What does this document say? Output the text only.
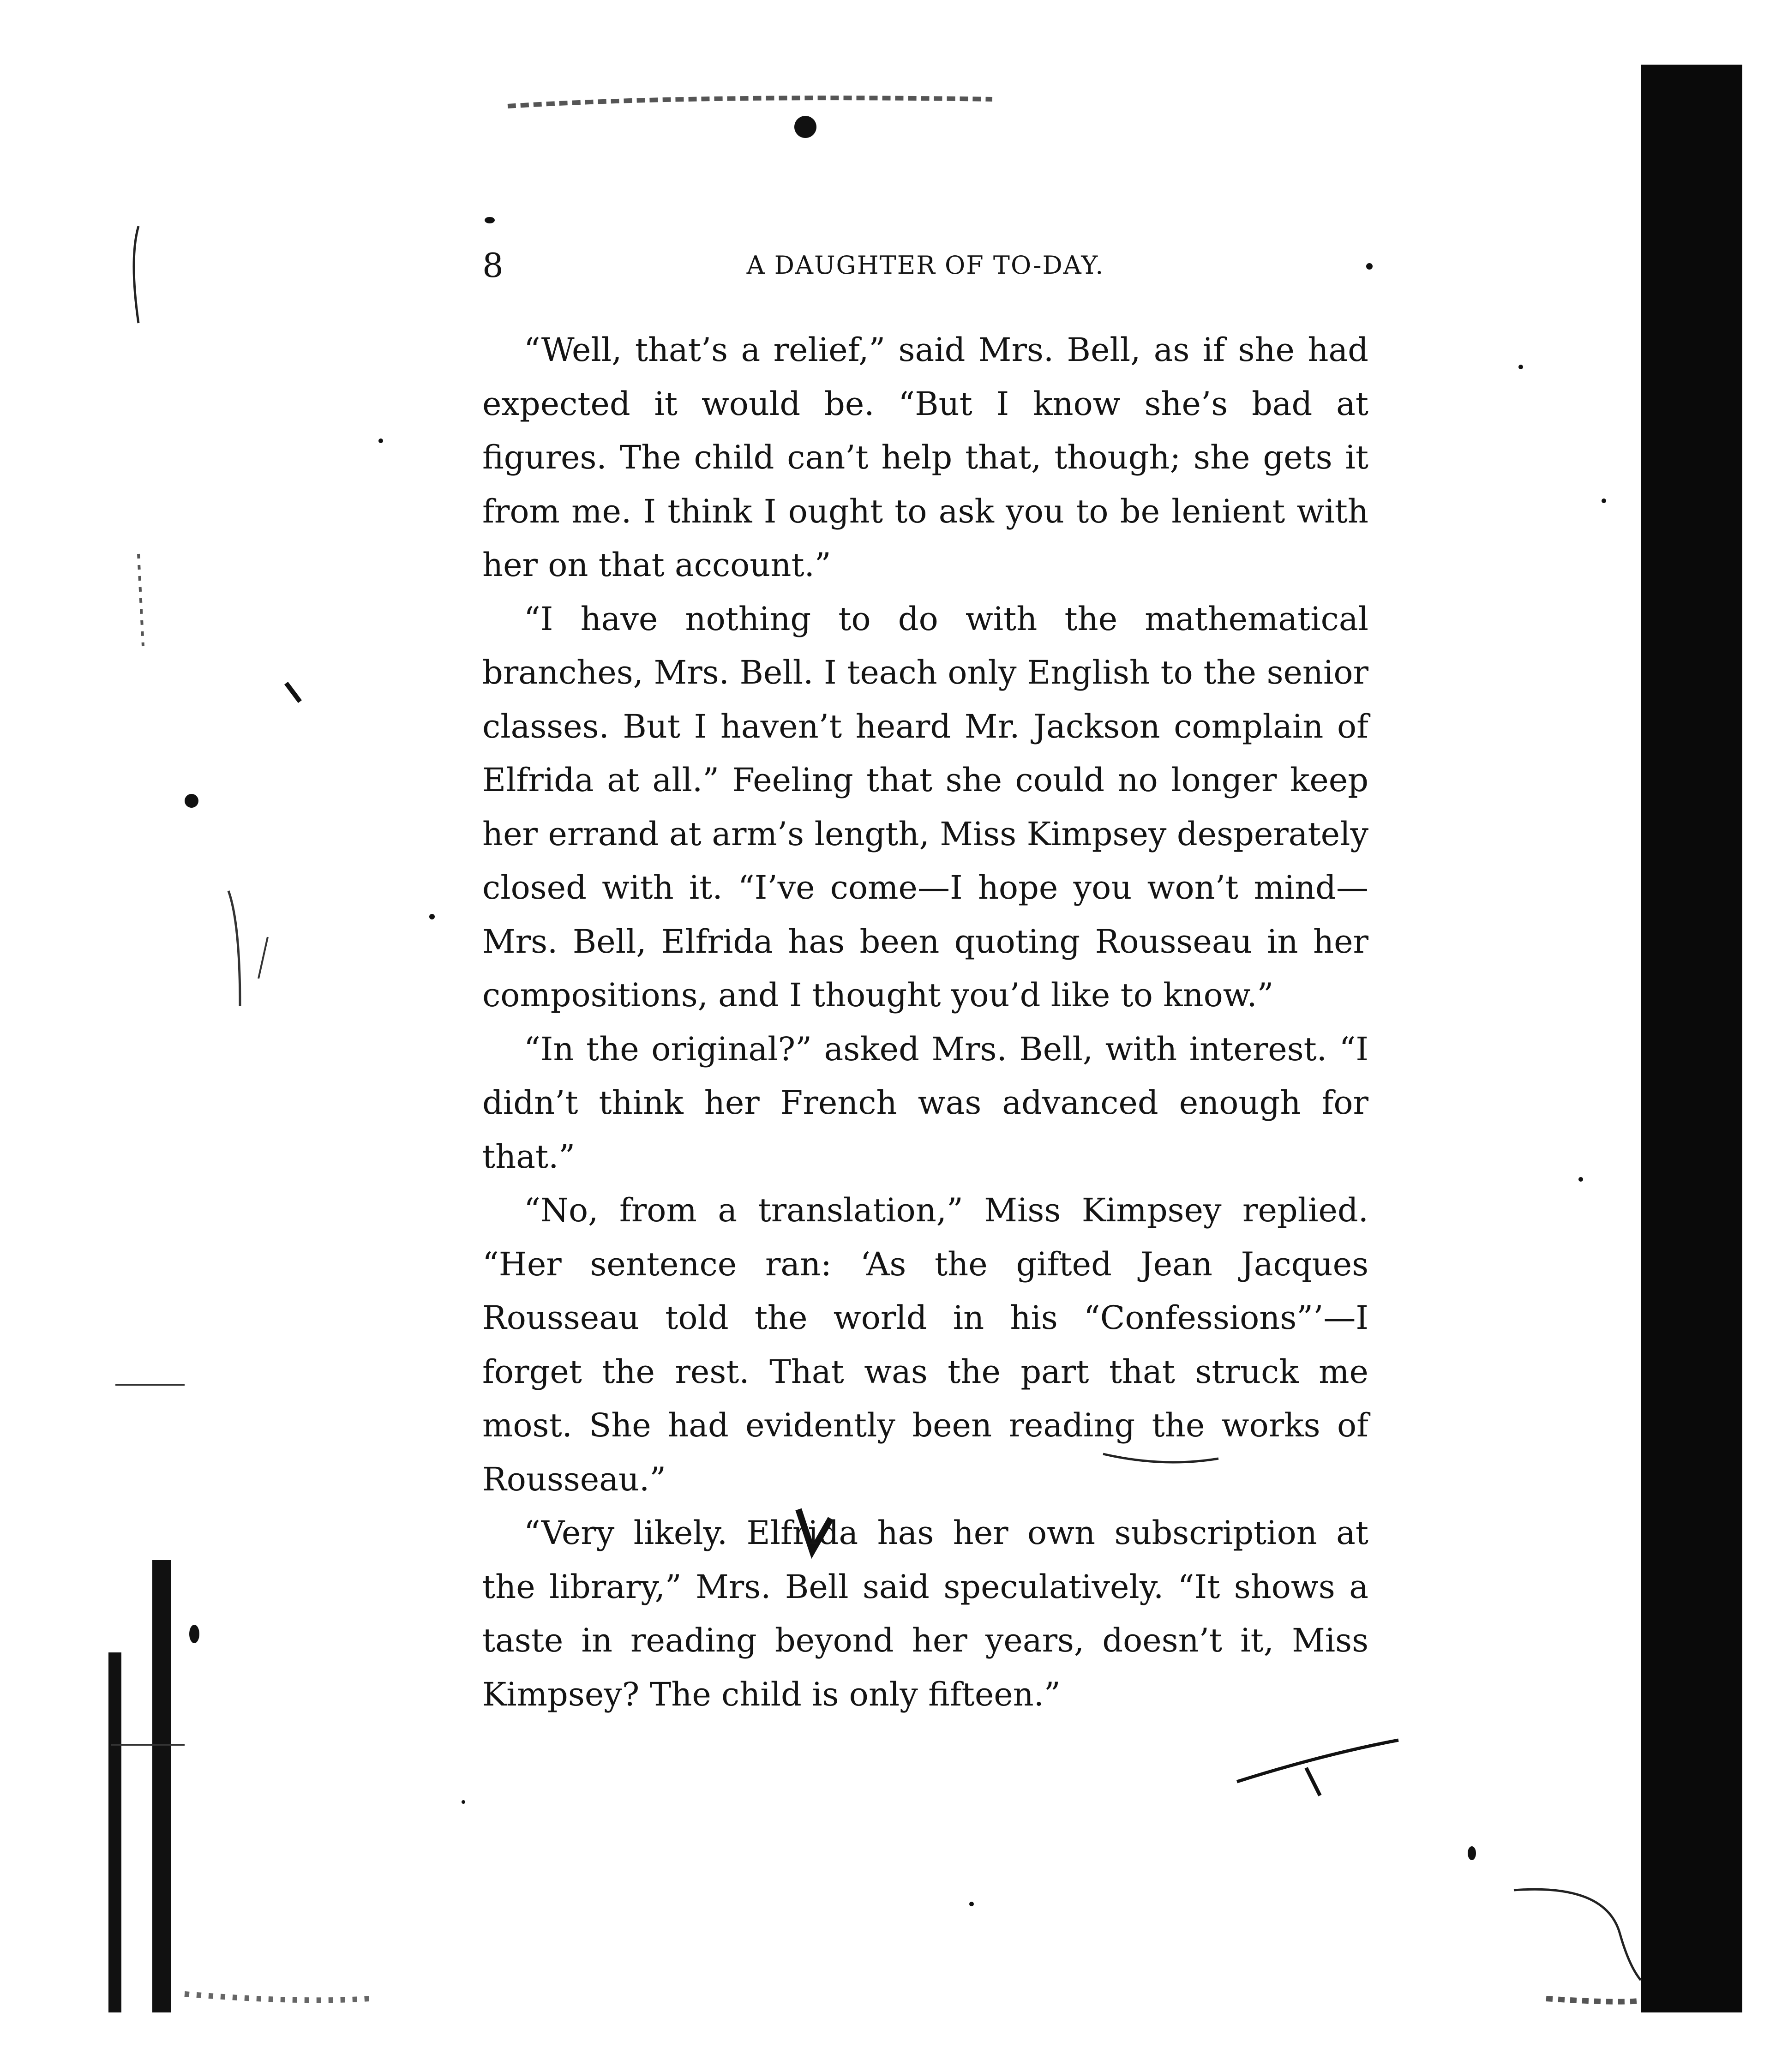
8	A DAUGHTER OF TO-DAY.

“Well, that’s a relief,” said Mrs. Bell, as if she had expected it would be. “But I know she’s bad at figures. The child can’t help that, though; she gets it from me. I think I ought to ask you to be lenient with her on that account.”

“I have nothing to do with the mathematical branches, Mrs. Bell. I teach only English to the senior classes. But I haven’t heard Mr. Jackson complain of Elfrida at all.” Feeling that she could no longer keep her errand at arm’s length, Miss Kimpsey desperately closed with it. “I’ve come—I hope you won’t mind—Mrs. Bell, Elfrida has been quoting Rousseau in her compositions, and I thought you’d like to know.”

“In the original?” asked Mrs. Bell, with interest. “I didn’t think her French was advanced enough for that.”

“No, from a translation,” Miss Kimpsey replied. “Her sentence ran: ‘As the gifted Jean Jacques Rousseau told the world in his “Confessions”’—I forget the rest. That was the part that struck me most. She had evidently been reading the works of Rousseau.”

“Very likely. Elfrida has her own subscription at the library,” Mrs. Bell said speculatively. “It shows a taste in reading beyond her years, doesn’t it, Miss Kimpsey? The child is only fifteen.”
